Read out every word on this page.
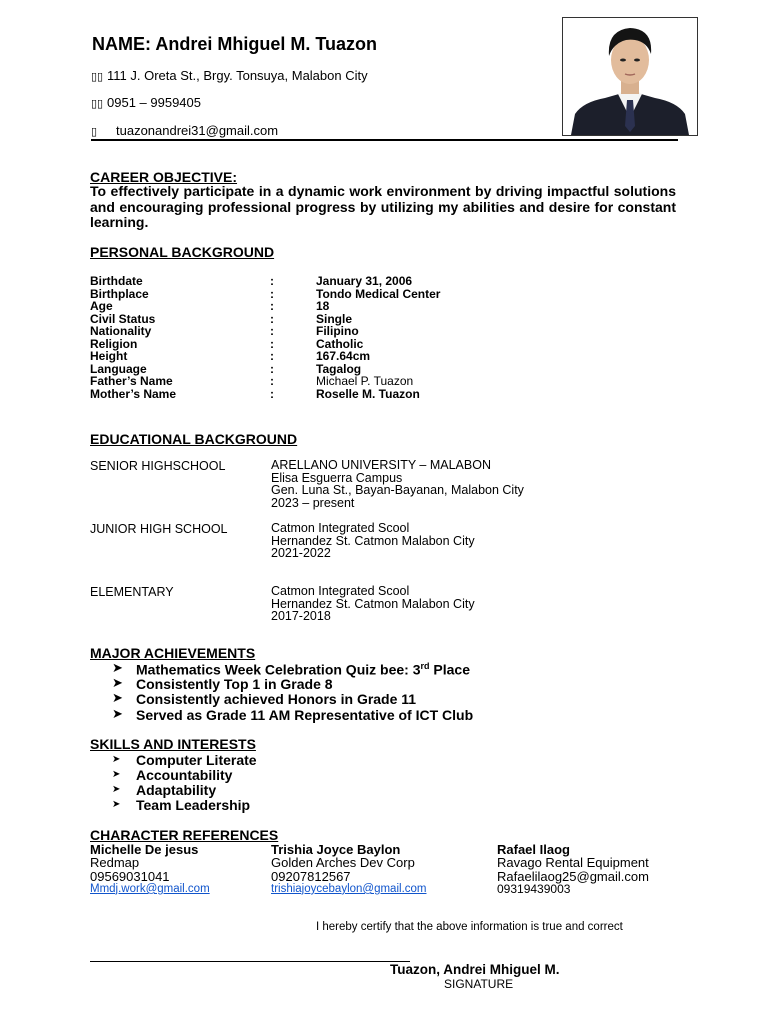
NAME: Andrei Mhiguel M. Tuazon
▯▯ 111 J. Oreta St., Brgy. Tonsuya, Malabon City
▯▯ 0951 – 9959405
▯ tuazonandrei31@gmail.com
CAREER OBJECTIVE:
To effectively participate in a dynamic work environment by driving impactful solutions and encouraging professional progress by utilizing my abilities and desire for constant learning.
PERSONAL BACKGROUND
Birthdate	:	January 31, 2006
Birthplace	:	Tondo Medical Center
Age	:	18
Civil Status	:	Single
Nationality	:	Filipino
Religion	:	Catholic
Height	:	167.64cm
Language	:	Tagalog
Father’s Name	:	Michael P. Tuazon
Mother’s Name	:	Roselle M. Tuazon
EDUCATIONAL BACKGROUND
SENIOR HIGHSCHOOL	ARELLANO UNIVERSITY – MALABON
Elisa Esguerra Campus
Gen. Luna St., Bayan-Bayanan, Malabon City
2023 – present
JUNIOR HIGH SCHOOL	Catmon Integrated Scool
Hernandez St. Catmon Malabon City
2021-2022
ELEMENTARY	Catmon Integrated Scool
Hernandez St. Catmon Malabon City
2017-2018
MAJOR ACHIEVEMENTS
➤ Mathematics Week Celebration Quiz bee: 3rd Place
➤ Consistently Top 1 in Grade 8
➤ Consistently achieved Honors in Grade 11
➤ Served as Grade 11 AM Representative of ICT Club
SKILLS AND INTERESTS
➤ Computer Literate
➤ Accountability
➤ Adaptability
➤ Team Leadership
CHARACTER REFERENCES
Michelle De jesus
Redmap
09569031041
Mmdj.work@gmail.com
Trishia Joyce Baylon
Golden Arches Dev Corp
09207812567
trishiajoycebaylon@gmail.com
Rafael Ilaog
Ravago Rental Equipment
Rafaelilaog25@gmail.com
09319439003
I hereby certify that the above information is true and correct
Tuazon, Andrei Mhiguel M.
SIGNATURE
